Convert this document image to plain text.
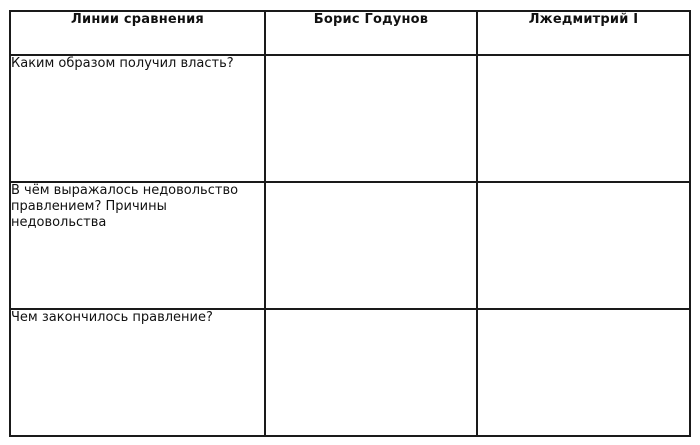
Линии сравнения	Борис Годунов	Лжедмитрий I
Каким образом получил власть?		
В чём выражалось недовольство правлением? Причины недовольства		
Чем закончилось правление?		
